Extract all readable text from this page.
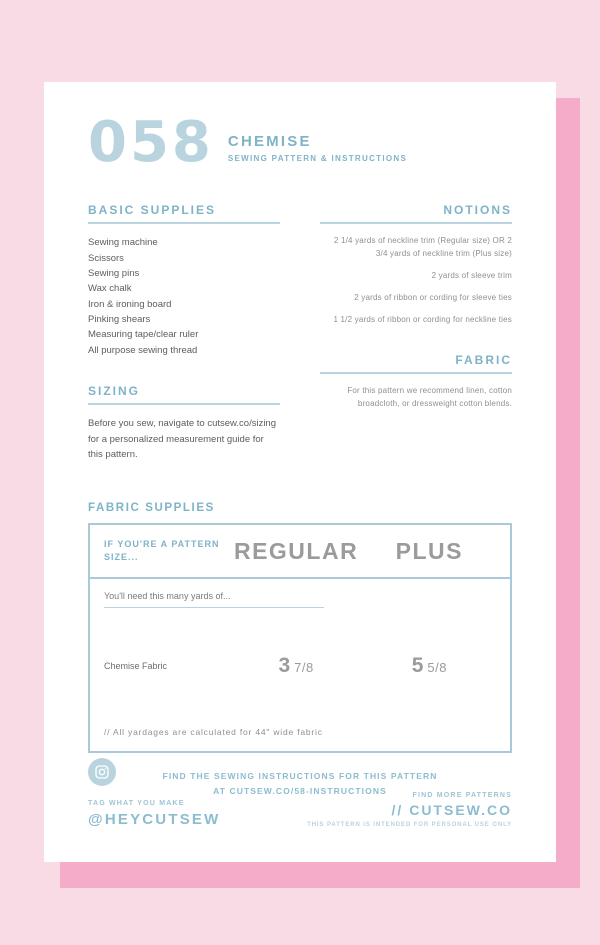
058 CHEMISE
SEWING PATTERN & INSTRUCTIONS
BASIC SUPPLIES
Sewing machine
Scissors
Sewing pins
Wax chalk
Iron & ironing board
Pinking shears
Measuring tape/clear ruler
All purpose sewing thread
SIZING
Before you sew, navigate to cutsew.co/sizing for a personalized measurement guide for this pattern.
NOTIONS
2 1/4 yards of neckline trim (Regular size) OR 2 3/4 yards of neckline trim (Plus size)
2 yards of sleeve trim
2 yards of ribbon or cording for sleeve ties
1 1/2 yards of ribbon or cording for neckline ties
FABRIC
For this pattern we recommend linen, cotton broadcloth, or dressweight cotton blends.
FABRIC SUPPLIES
IF YOU'RE A PATTERN SIZE...	REGULAR	PLUS
You'll need this many yards of...
Chemise Fabric	3 7/8	5 5/8
// All yardages are calculated for 44" wide fabric
FIND THE SEWING INSTRUCTIONS FOR THIS PATTERN
AT CUTSEW.CO/58-INSTRUCTIONS
TAG WHAT YOU MAKE
@HEYCUTSEW
FIND MORE PATTERNS
// CUTSEW.CO
THIS PATTERN IS INTENDED FOR PERSONAL USE ONLY
